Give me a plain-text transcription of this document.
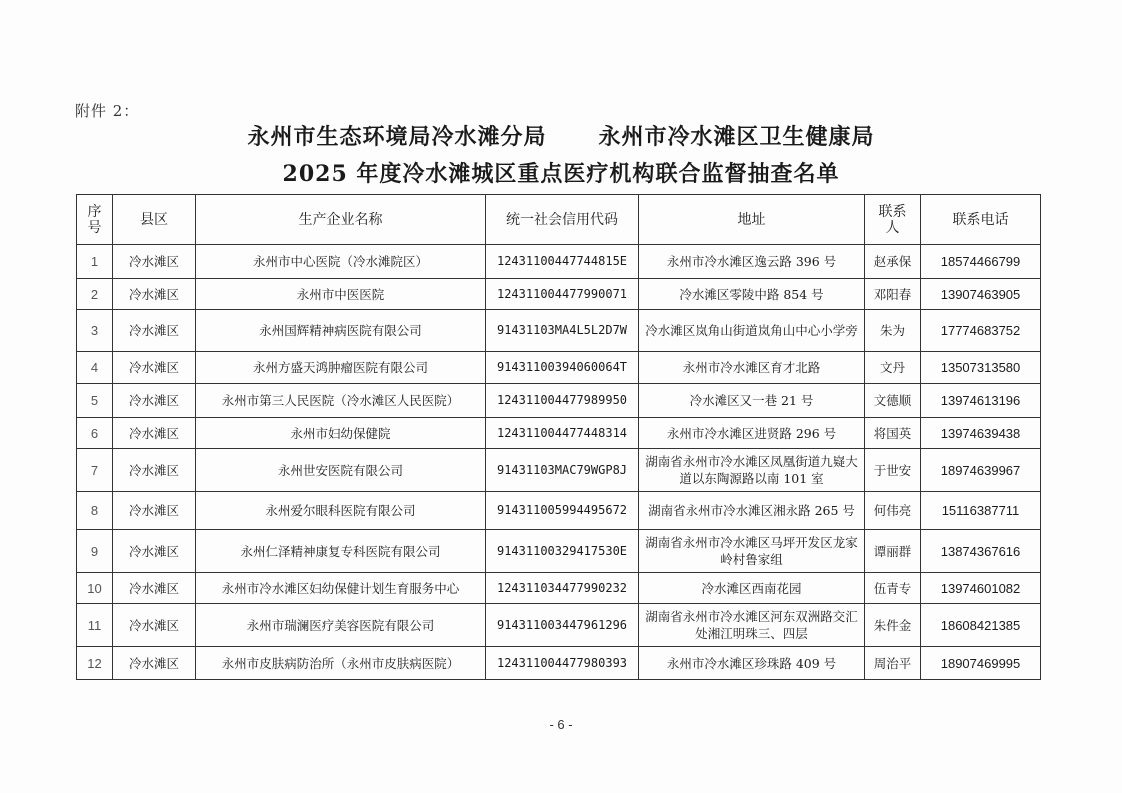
附件 2：
永州市生态环境局冷水滩分局      永州市冷水滩区卫生健康局
2025 年度冷水滩城区重点医疗机构联合监督抽查名单
序号	县区	生产企业名称	统一社会信用代码	地址	联系人	联系电话
1	冷水滩区	永州市中心医院（冷水滩院区）	12431100447744815E	永州市冷水滩区逸云路 396 号	赵承保	18574466799
2	冷水滩区	永州市中医医院	124311004477990071	冷水滩区零陵中路 854 号	邓阳春	13907463905
3	冷水滩区	永州国辉精神病医院有限公司	91431103MA4L5L2D7W	冷水滩区岚角山街道岚角山中心小学旁	朱为	17774683752
4	冷水滩区	永州方盛天鸿肿瘤医院有限公司	91431100394060064T	永州市冷水滩区育才北路	文丹	13507313580
5	冷水滩区	永州市第三人民医院（冷水滩区人民医院）	124311004477989950	冷水滩区又一巷 21 号	文德顺	13974613196
6	冷水滩区	永州市妇幼保健院	124311004477448314	永州市冷水滩区进贤路 296 号	将国英	13974639438
7	冷水滩区	永州世安医院有限公司	91431103MAC79WGP8J	湖南省永州市冷水滩区凤凰街道九嶷大道以东陶源路以南 101 室	于世安	18974639967
8	冷水滩区	永州爱尔眼科医院有限公司	914311005994495672	湖南省永州市冷水滩区湘永路 265 号	何伟亮	15116387711
9	冷水滩区	永州仁泽精神康复专科医院有限公司	91431100329417530E	湖南省永州市冷水滩区马坪开发区龙家岭村鲁家组	谭丽群	13874367616
10	冷水滩区	永州市冷水滩区妇幼保健计划生育服务中心	124311034477990232	冷水滩区西南花园	伍青专	13974601082
11	冷水滩区	永州市瑞澜医疗美容医院有限公司	914311003447961296	湖南省永州市冷水滩区河东双洲路交汇处湘江明珠三、四层	朱件金	18608421385
12	冷水滩区	永州市皮肤病防治所（永州市皮肤病医院）	124311004477980393	永州市冷水滩区珍珠路 409 号	周治平	18907469995
- 6 -
